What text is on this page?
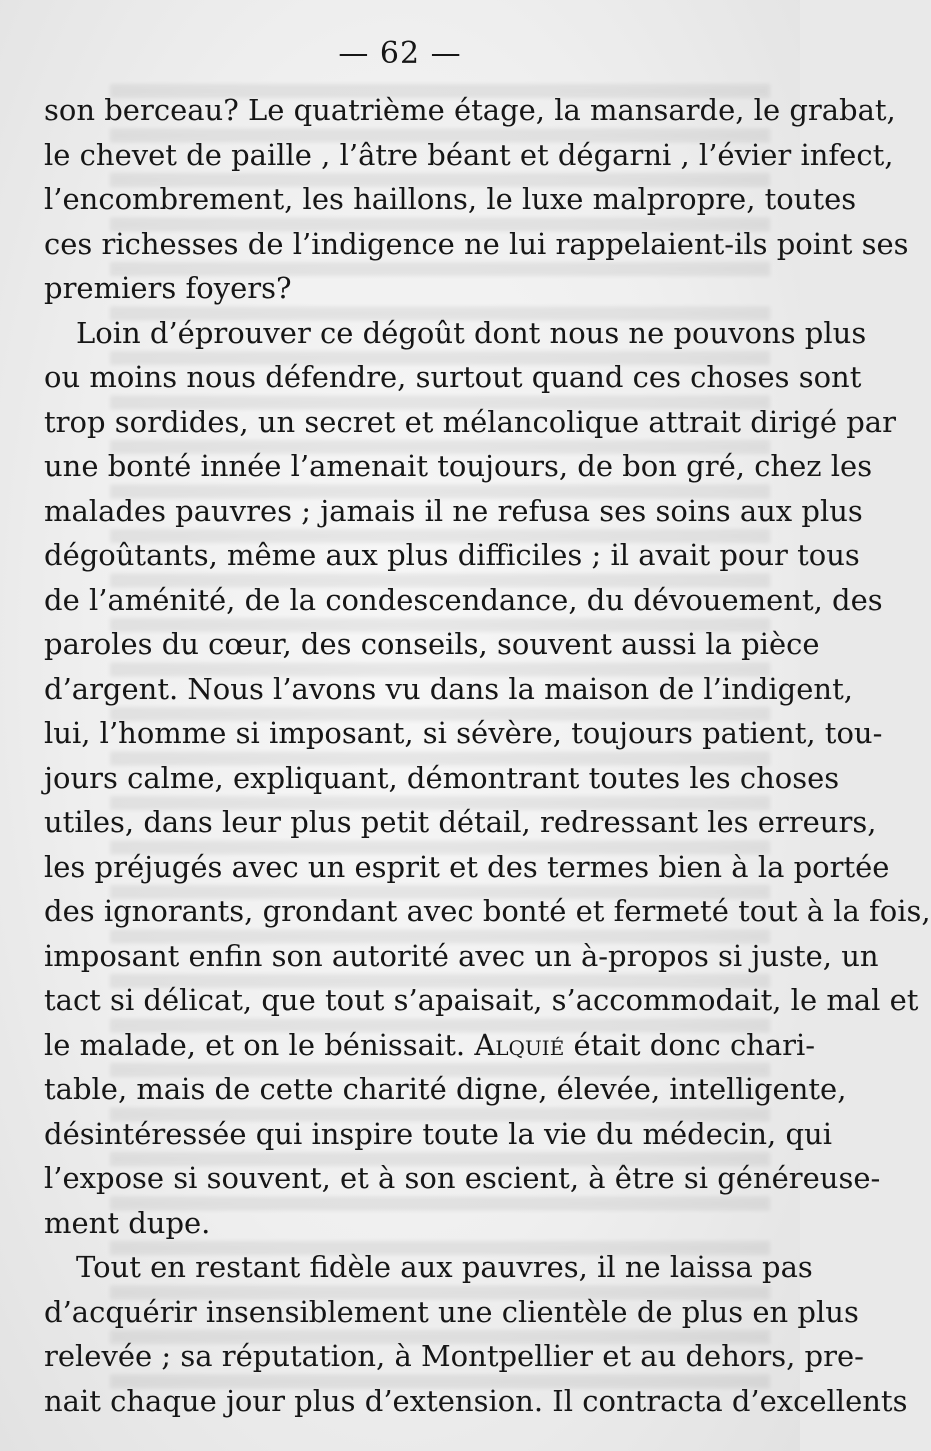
— 62 —
son berceau? Le quatrième étage, la mansarde, le grabat,
le chevet de paille , l’âtre béant et dégarni , l’évier infect,
l’encombrement, les haillons, le luxe malpropre, toutes
ces richesses de l’indigence ne lui rappelaient-ils point ses
premiers foyers?
Loin d’éprouver ce dégoût dont nous ne pouvons plus
ou moins nous défendre, surtout quand ces choses sont
trop sordides, un secret et mélancolique attrait dirigé par
une bonté innée l’amenait toujours, de bon gré, chez les
malades pauvres ; jamais il ne refusa ses soins aux plus
dégoûtants, même aux plus difficiles ; il avait pour tous
de l’aménité, de la condescendance, du dévouement, des
paroles du cœur, des conseils, souvent aussi la pièce
d’argent. Nous l’avons vu dans la maison de l’indigent,
lui, l’homme si imposant, si sévère, toujours patient, tou-
jours calme, expliquant, démontrant toutes les choses
utiles, dans leur plus petit détail, redressant les erreurs,
les préjugés avec un esprit et des termes bien à la portée
des ignorants, grondant avec bonté et fermeté tout à la fois,
imposant enfin son autorité avec un à-propos si juste, un
tact si délicat, que tout s’apaisait, s’accommodait, le mal et
le malade, et on le bénissait. Alquié était donc chari-
table, mais de cette charité digne, élevée, intelligente,
désintéressée qui inspire toute la vie du médecin, qui
l’expose si souvent, et à son escient, à être si généreuse-
ment dupe.
Tout en restant fidèle aux pauvres, il ne laissa pas
d’acquérir insensiblement une clientèle de plus en plus
relevée ; sa réputation, à Montpellier et au dehors, pre-
nait chaque jour plus d’extension. Il contracta d’excellents
